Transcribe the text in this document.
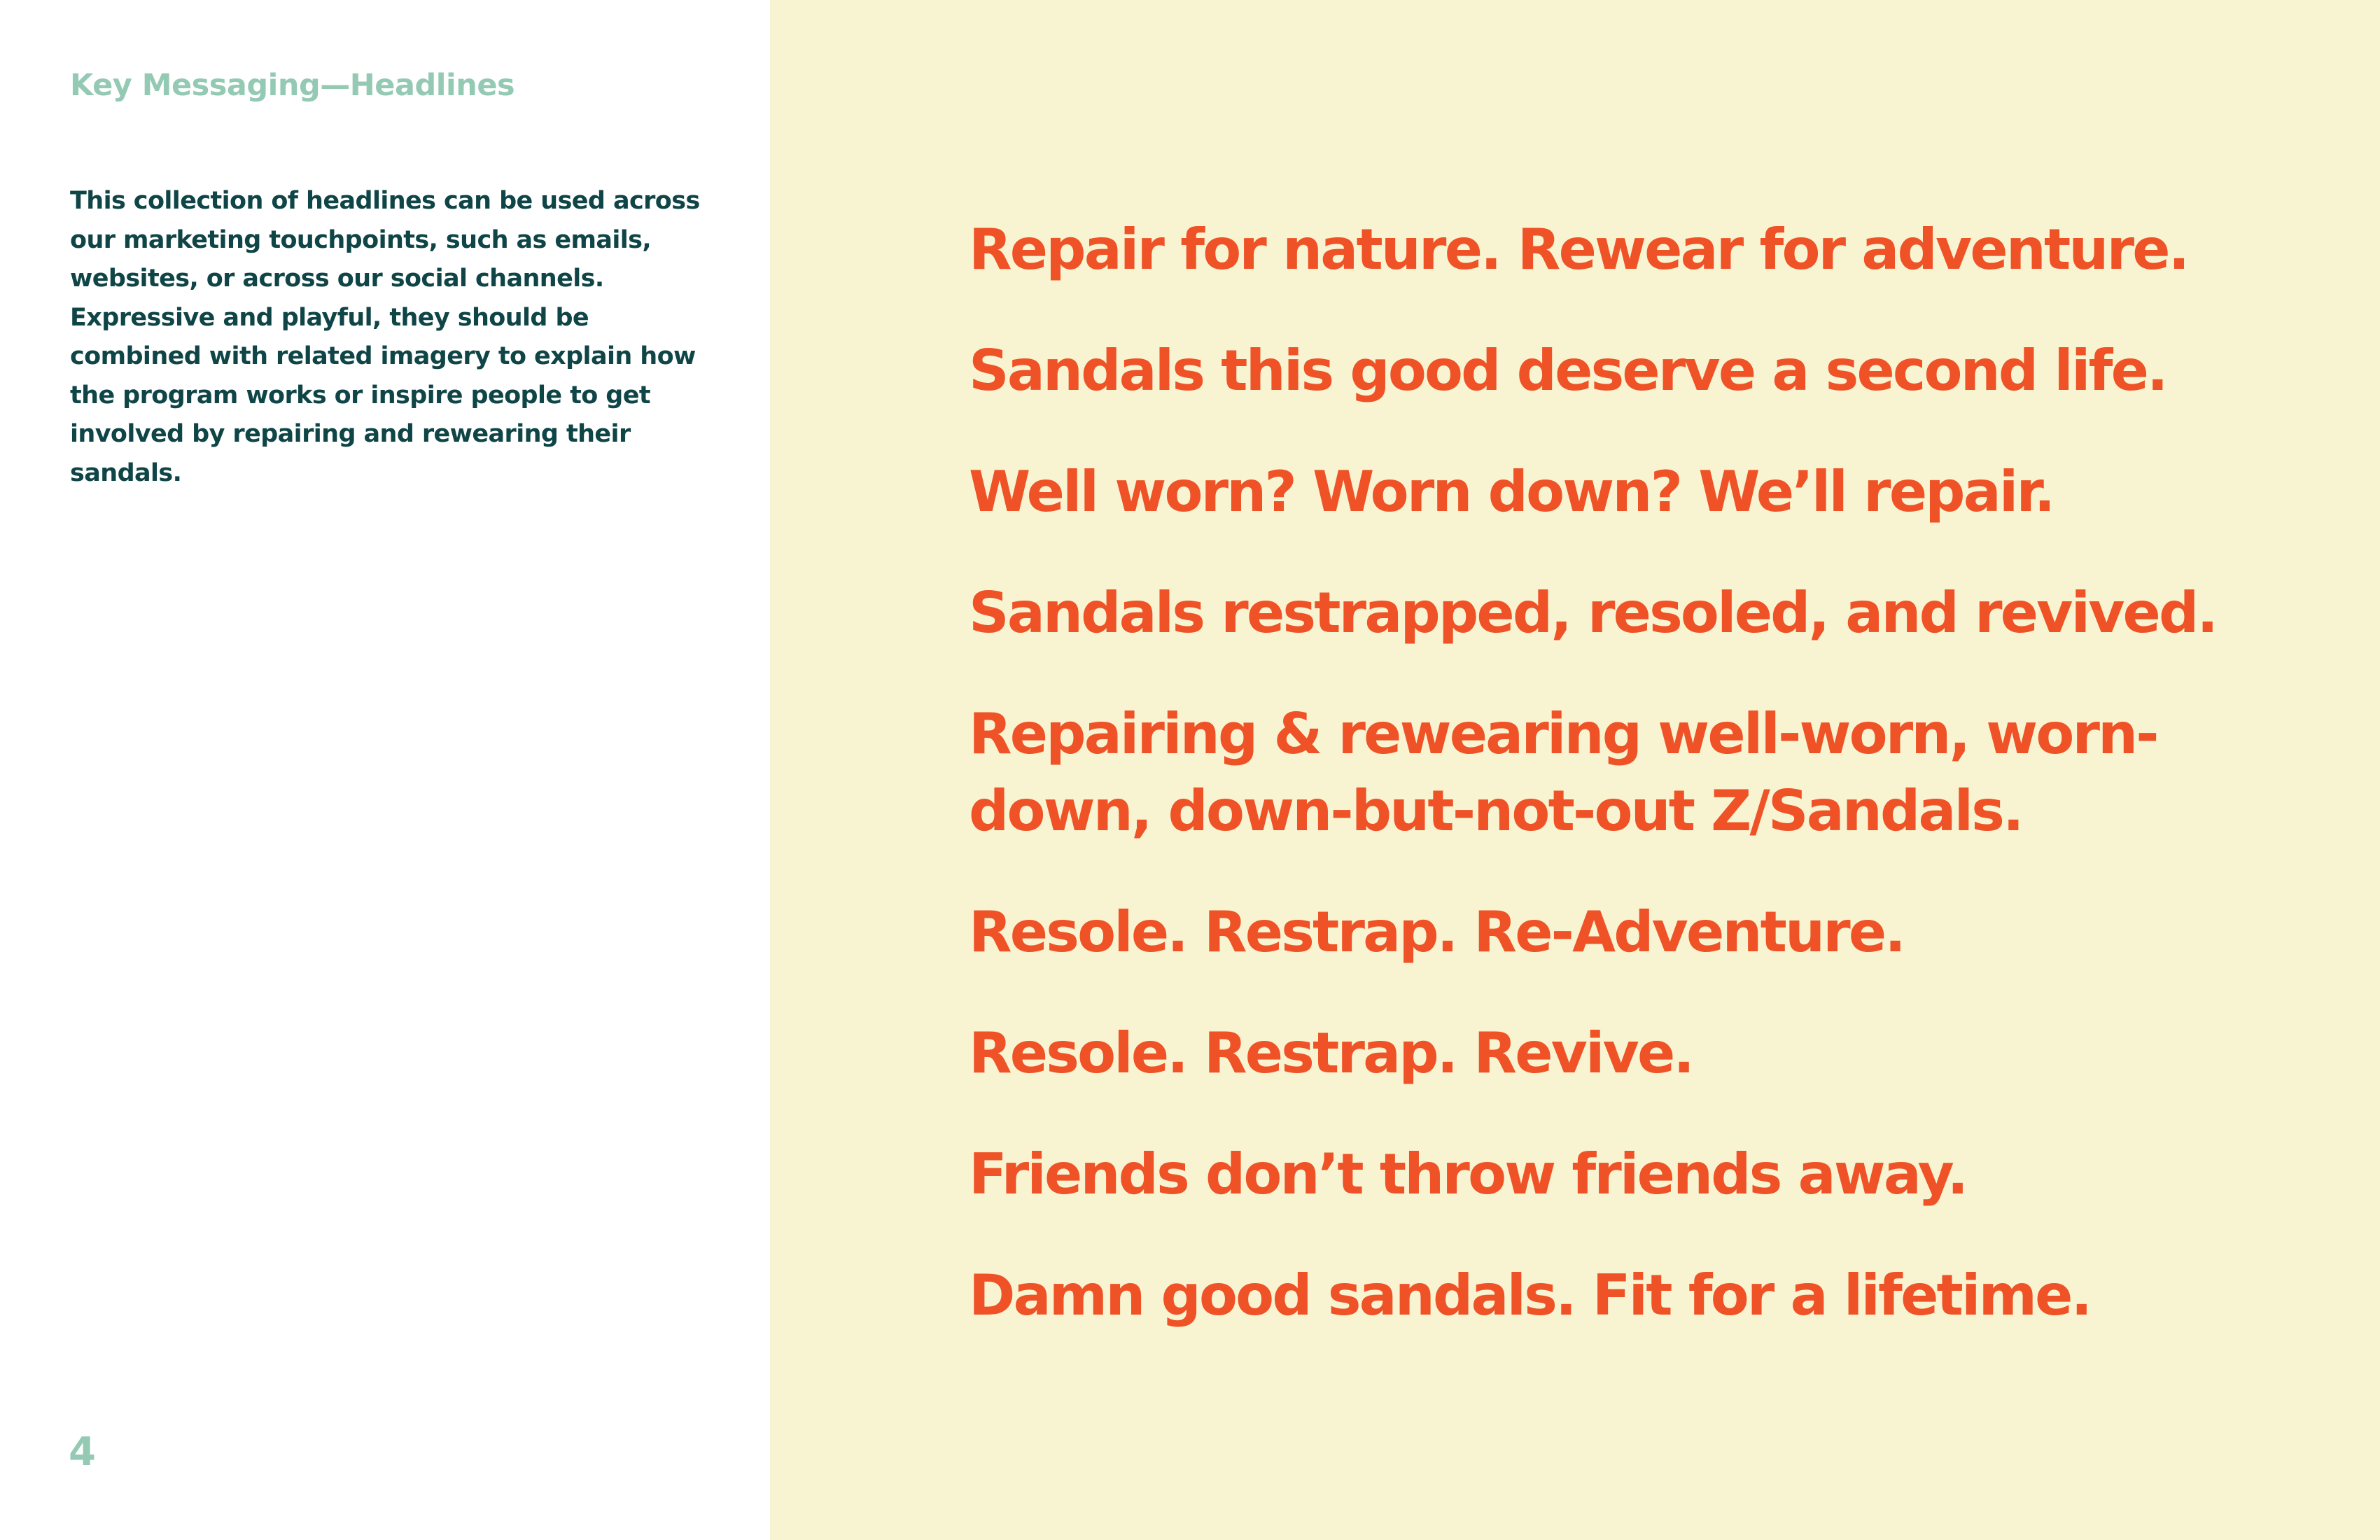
Key Messaging—Headlines

This collection of headlines can be used across our marketing touchpoints, such as emails, websites, or across our social channels. Expressive and playful, they should be combined with related imagery to explain how the program works or inspire people to get involved by repairing and rewearing their sandals.

4
Repair for nature. Rewear for adventure.
Sandals this good deserve a second life.
Well worn? Worn down? We’ll repair.
Sandals restrapped, resoled, and revived.
Repairing & rewearing well-worn, worn-down, down-but-not-out Z/Sandals.
Resole. Restrap. Re-Adventure.
Resole. Restrap. Revive.
Friends don’t throw friends away.
Damn good sandals. Fit for a lifetime.
